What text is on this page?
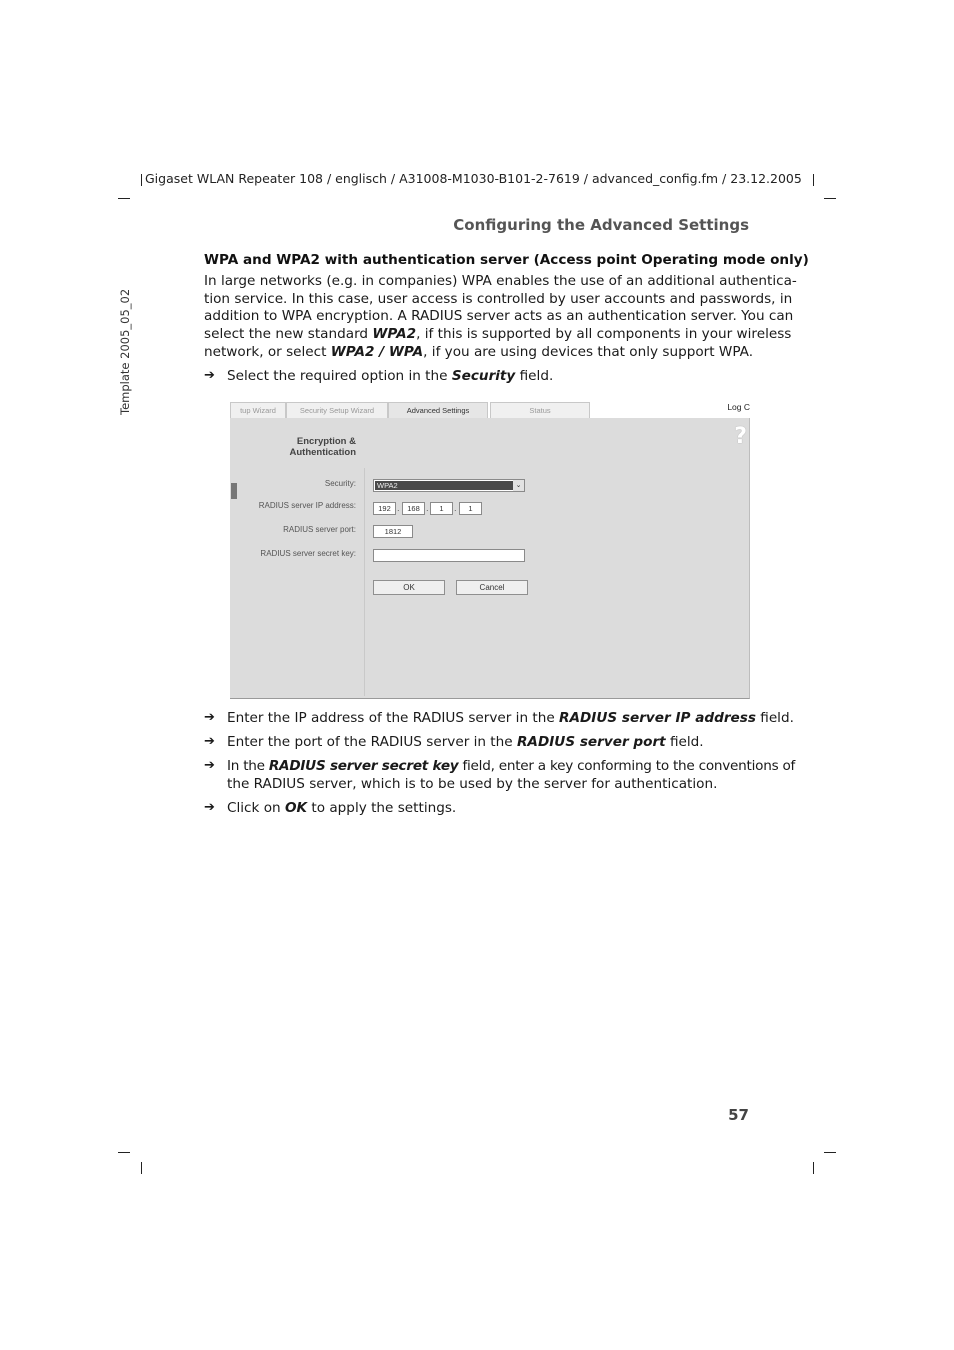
Gigaset WLAN Repeater 108 / englisch / A31008-M1030-B101-2-7619 / advanced_config.fm / 23.12.2005
Configuring the Advanced Settings
Template 2005_05_02
WPA and WPA2 with authentication server (Access point Operating mode only)
In large networks (e.g. in companies) WPA enables the use of an additional authentica-
tion service. In this case, user access is controlled by user accounts and passwords, in
addition to WPA encryption. A RADIUS server acts as an authentication server. You can
select the new standard WPA2, if this is supported by all components in your wireless
network, or select WPA2 / WPA, if you are using devices that only support WPA.
➔ Select the required option in the Security field.
tup Wizard	Security Setup Wizard	Advanced Settings	Status	Log C
?
Encryption &
Authentication
Security:	WPA2	⌄
RADIUS server IP address:	192 .	168 .	1	.	1
RADIUS server port:	1812
RADIUS server secret key:
OK	Cancel
➔ Enter the IP address of the RADIUS server in the RADIUS server IP address field.
➔ Enter the port of the RADIUS server in the RADIUS server port field.
➔ In the RADIUS server secret key field, enter a key conforming to the conventions of
the RADIUS server, which is to be used by the server for authentication.
➔ Click on OK to apply the settings.
57
